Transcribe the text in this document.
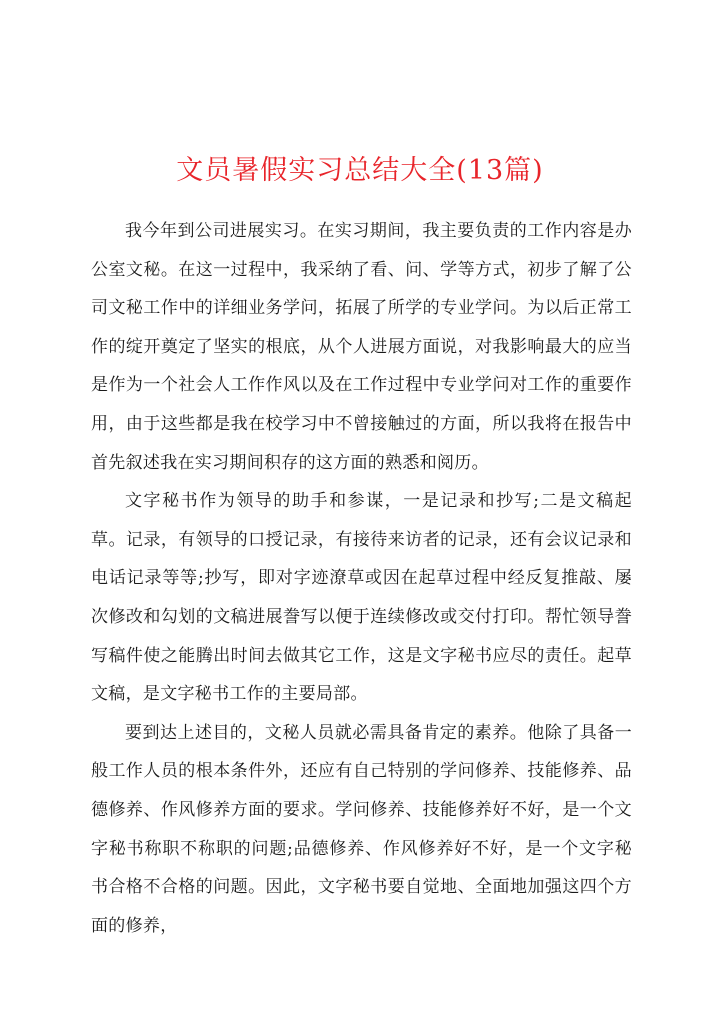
文员暑假实习总结大全(13篇)

我今年到公司进展实习。在实习期间，我主要负责的工作内容是办公室文秘。在这一过程中，我采纳了看、问、学等方式，初步了解了公司文秘工作中的详细业务学问，拓展了所学的专业学问。为以后正常工作的绽开奠定了坚实的根底，从个人进展方面说，对我影响最大的应当是作为一个社会人工作作风以及在工作过程中专业学问对工作的重要作用，由于这些都是我在校学习中不曾接触过的方面，所以我将在报告中首先叙述我在实习期间积存的这方面的熟悉和阅历。

文字秘书作为领导的助手和参谋，一是记录和抄写;二是文稿起草。记录，有领导的口授记录，有接待来访者的记录，还有会议记录和电话记录等等;抄写，即对字迹潦草或因在起草过程中经反复推敲、屡次修改和勾划的文稿进展誊写以便于连续修改或交付打印。帮忙领导誊写稿件使之能腾出时间去做其它工作，这是文字秘书应尽的责任。起草文稿，是文字秘书工作的主要局部。

要到达上述目的，文秘人员就必需具备肯定的素养。他除了具备一般工作人员的根本条件外，还应有自己特别的学问修养、技能修养、品德修养、作风修养方面的要求。学问修养、技能修养好不好，是一个文字秘书称职不称职的问题;品德修养、作风修养好不好，是一个文字秘书合格不合格的问题。因此，文字秘书要自觉地、全面地加强这四个方面的修养，
